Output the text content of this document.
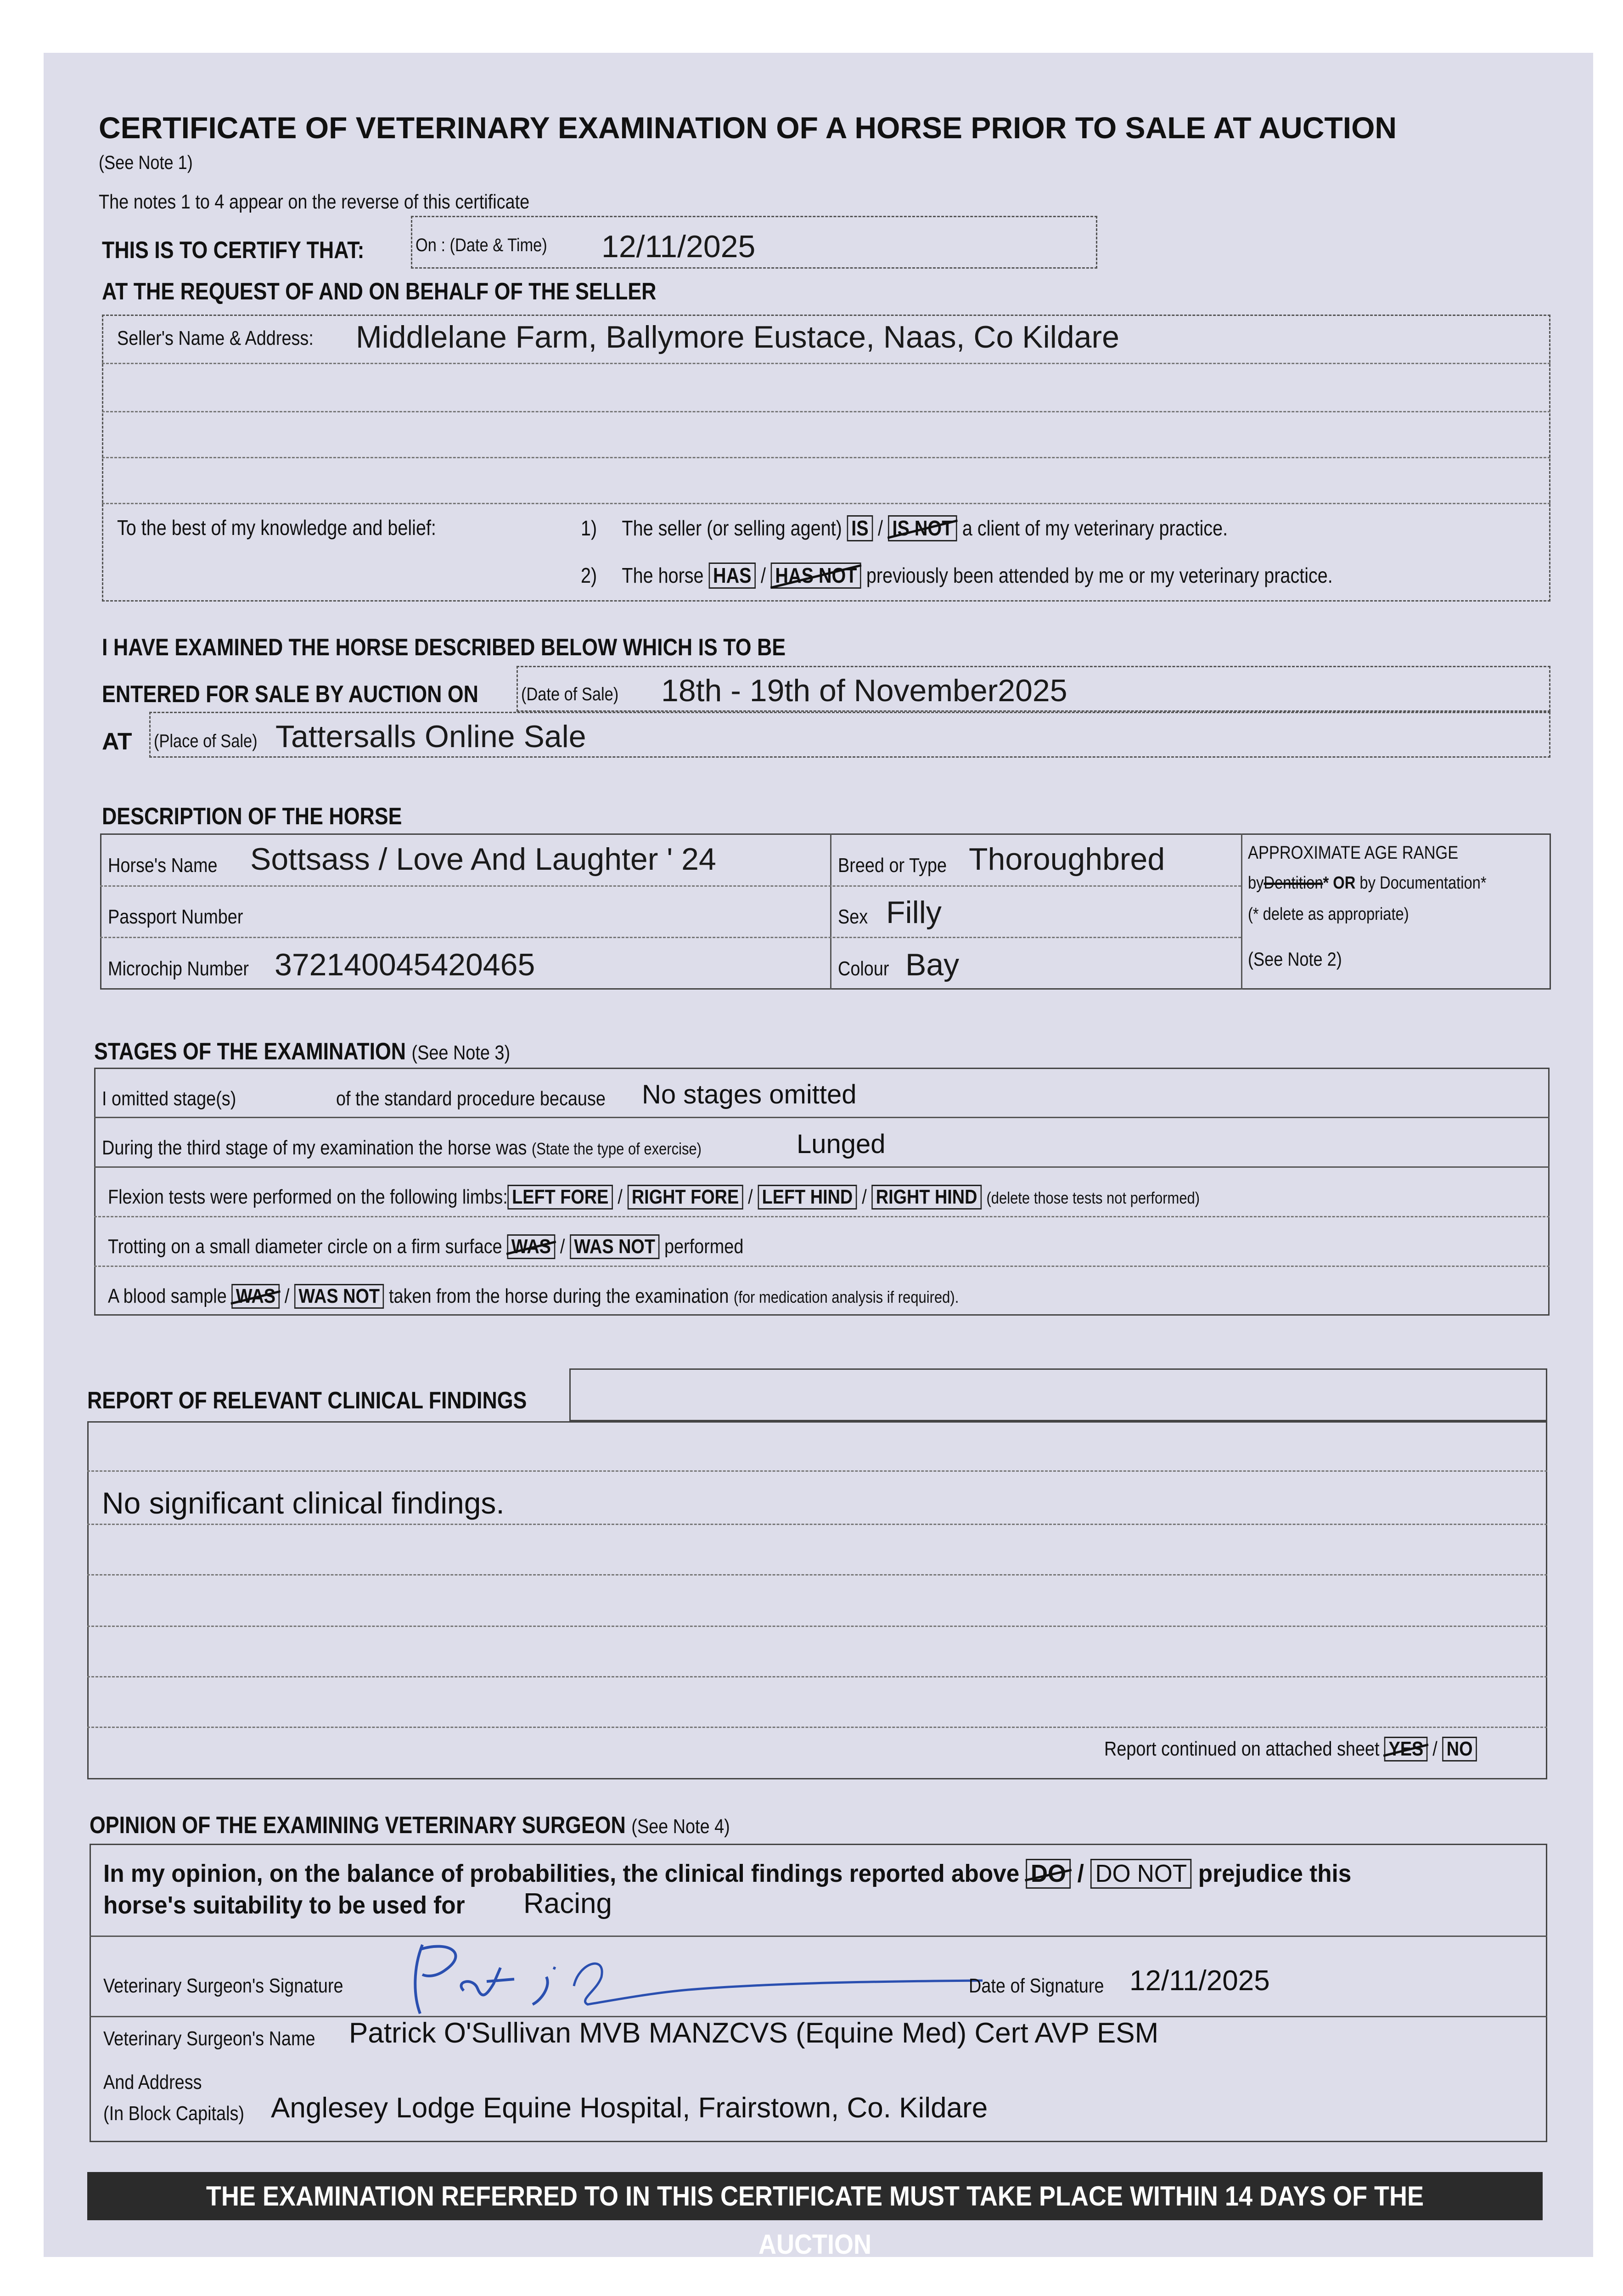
CERTIFICATE OF VETERINARY EXAMINATION OF A HORSE PRIOR TO SALE AT AUCTION
(See Note 1)
The notes 1 to 4 appear on the reverse of this certificate
THIS IS TO CERTIFY THAT:	On : (Date & Time)	12/11/2025
AT THE REQUEST OF AND ON BEHALF OF THE SELLER
Seller's Name & Address:	Middlelane Farm, Ballymore Eustace, Naas, Co Kildare
To the best of my knowledge and belief:	1) The seller (or selling agent) IS / IS NOT a client of my veterinary practice.
2) The horse HAS / HAS NOT previously been attended by me or my veterinary practice.
I HAVE EXAMINED THE HORSE DESCRIBED BELOW WHICH IS TO BE
ENTERED FOR SALE BY AUCTION ON	(Date of Sale)	18th - 19th of November2025
AT (Place of Sale) Tattersalls Online Sale
DESCRIPTION OF THE HORSE
Horse's Name	Sottsass / Love And Laughter ' 24
Passport Number
Microchip Number 372140045420465
Breed or Type Thoroughbred
Sex Filly
Colour Bay
APPROXIMATE AGE RANGE
byDentition* OR by Documentation*
(* delete as appropriate)
(See Note 2)
STAGES OF THE EXAMINATION (See Note 3)
I omitted stage(s)	of the standard procedure because	No stages omitted
During the third stage of my examination the horse was (State the type of exercise)	Lunged
Flexion tests were performed on the following limbs: LEFT FORE / RIGHT FORE / LEFT HIND / RIGHT HIND (delete those tests not performed)
Trotting on a small diameter circle on a firm surface WAS / WAS NOT performed
A blood sample WAS / WAS NOT taken from the horse during the examination (for medication analysis if required).
REPORT OF RELEVANT CLINICAL FINDINGS
No significant clinical findings.
Report continued on attached sheet YES / NO
OPINION OF THE EXAMINING VETERINARY SURGEON (See Note 4)
In my opinion, on the balance of probabilities, the clinical findings reported above DO / DO NOT prejudice this
horse's suitability to be used for	Racing
Veterinary Surgeon's Signature	Date of Signature 12/11/2025
Veterinary Surgeon's Name	Patrick O'Sullivan MVB MANZCVS (Equine Med) Cert AVP ESM
And Address
(In Block Capitals) Anglesey Lodge Equine Hospital, Frairstown, Co. Kildare
THE EXAMINATION REFERRED TO IN THIS CERTIFICATE MUST TAKE PLACE WITHIN 14 DAYS OF THE AUCTION
